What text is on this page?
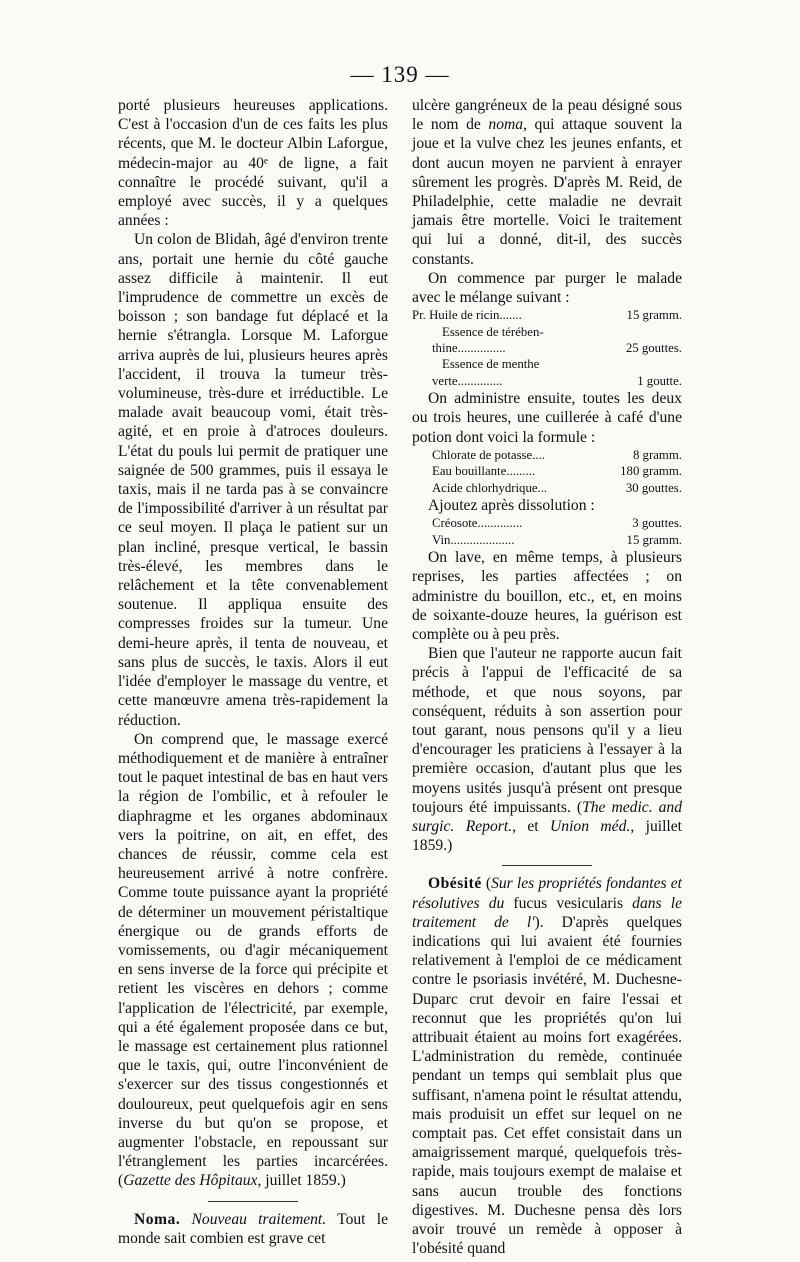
— 139 —

porté plusieurs heureuses applications. C'est à l'occasion d'un de ces faits les plus récents, que M. le docteur Albin Laforgue, médecin-major au 40ᵉ de ligne, a fait connaître le procédé suivant, qu'il a employé avec succès, il y a quelques années :

Un colon de Blidah, âgé d'environ trente ans, portait une hernie du côté gauche assez difficile à maintenir. Il eut l'imprudence de commettre un excès de boisson ; son bandage fut déplacé et la hernie s'étrangla. Lorsque M. Laforgue arriva auprès de lui, plusieurs heures après l'accident, il trouva la tumeur très-volumineuse, très-dure et irréductible. Le malade avait beaucoup vomi, était très-agité, et en proie à d'atroces douleurs. L'état du pouls lui permit de pratiquer une saignée de 500 grammes, puis il essaya le taxis, mais il ne tarda pas à se convaincre de l'impossibilité d'arriver à un résultat par ce seul moyen. Il plaça le patient sur un plan incliné, presque vertical, le bassin très-élevé, les membres dans le relâchement et la tête convenablement soutenue. Il appliqua ensuite des compresses froides sur la tumeur. Une demi-heure après, il tenta de nouveau, et sans plus de succès, le taxis. Alors il eut l'idée d'employer le massage du ventre, et cette manœuvre amena très-rapidement la réduction.

On comprend que, le massage exercé méthodiquement et de manière à entraîner tout le paquet intestinal de bas en haut vers la région de l'ombilic, et à refouler le diaphragme et les organes abdominaux vers la poitrine, on ait, en effet, des chances de réussir, comme cela est heureusement arrivé à notre confrère. Comme toute puissance ayant la propriété de déterminer un mouvement péristaltique énergique ou de grands efforts de vomissements, ou d'agir mécaniquement en sens inverse de la force qui précipite et retient les viscères en dehors ; comme l'application de l'électricité, par exemple, qui a été également proposée dans ce but, le massage est certainement plus rationnel que le taxis, qui, outre l'inconvénient de s'exercer sur des tissus congestionnés et douloureux, peut quelquefois agir en sens inverse du but qu'on se propose, et augmenter l'obstacle, en repoussant sur l'étranglement les parties incarcérées. (Gazette des Hôpitaux, juillet 1859.)

Noma. Nouveau traitement. Tout le monde sait combien est grave cet

ulcère gangréneux de la peau désigné sous le nom de noma, qui attaque souvent la joue et la vulve chez les jeunes enfants, et dont aucun moyen ne parvient à enrayer sûrement les progrès. D'après M. Reid, de Philadelphie, cette maladie ne devrait jamais être mortelle. Voici le traitement qui lui a donné, dit-il, des succès constants.

On commence par purger le malade avec le mélange suivant :

Pr. Huile de ricin.......	15 gramm.
Essence de térében-
thine...............	25 gouttes.
Essence de menthe
verte..............	1 goutte.

On administre ensuite, toutes les deux ou trois heures, une cuillerée à café d'une potion dont voici la formule :

Chlorate de potasse....	8 gramm.
Eau bouillante.........	180 gramm.
Acide chlorhydrique...	30 gouttes.

Ajoutez après dissolution :

Créosote..............	3 gouttes.
Vin....................	15 gramm.

On lave, en même temps, à plusieurs reprises, les parties affectées ; on administre du bouillon, etc., et, en moins de soixante-douze heures, la guérison est complète ou à peu près.

Bien que l'auteur ne rapporte aucun fait précis à l'appui de l'efficacité de sa méthode, et que nous soyons, par conséquent, réduits à son assertion pour tout garant, nous pensons qu'il y a lieu d'encourager les praticiens à l'essayer à la première occasion, d'autant plus que les moyens usités jusqu'à présent ont presque toujours été impuissants. (The medic. and surgic. Report., et Union méd., juillet 1859.)

Obésité (Sur les propriétés fondantes et résolutives du fucus vesicularis dans le traitement de l'). D'après quelques indications qui lui avaient été fournies relativement à l'emploi de ce médicament contre le psoriasis invétéré, M. Duchesne-Duparc crut devoir en faire l'essai et reconnut que les propriétés qu'on lui attribuait étaient au moins fort exagérées. L'administration du remède, continuée pendant un temps qui semblait plus que suffisant, n'amena point le résultat attendu, mais produisit un effet sur lequel on ne comptait pas. Cet effet consistait dans un amaigrissement marqué, quelquefois très-rapide, mais toujours exempt de malaise et sans aucun trouble des fonctions digestives. M. Duchesne pensa dès lors avoir trouvé un remède à opposer à l'obésité quand
